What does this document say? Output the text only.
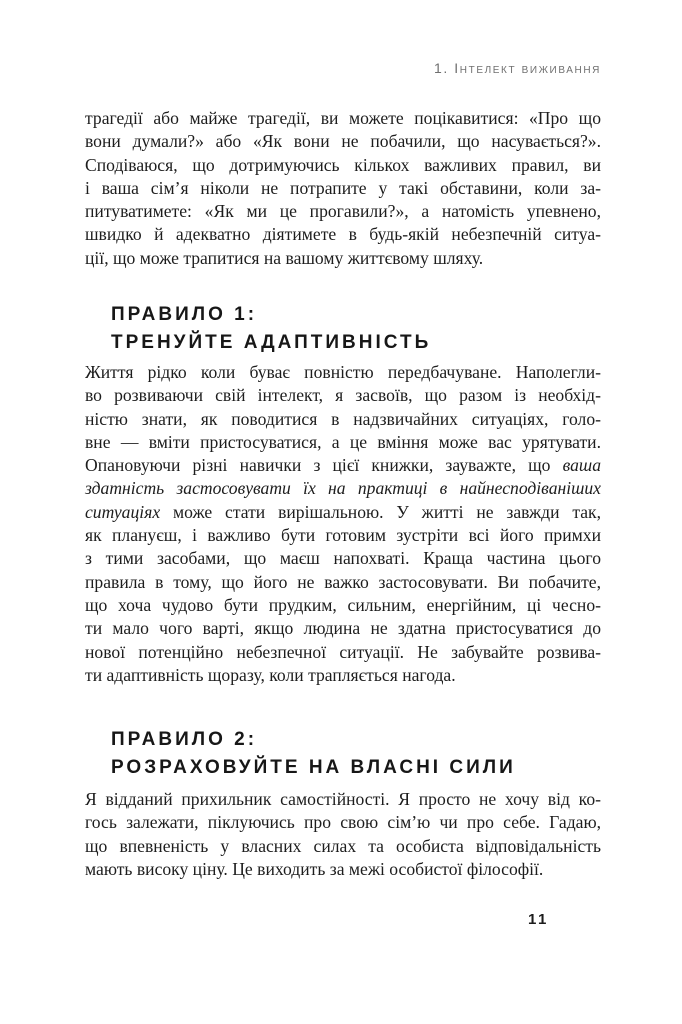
1. Інтелект виживання
трагедії або майже трагедії, ви можете поцікавитися: «Про що
вони думали?» або «Як вони не побачили, що насувається?».
Сподіваюся, що дотримуючись кількох важливих правил, ви
і ваша сім’я ніколи не потрапите у такі обставини, коли за-
питуватимете: «Як ми це прогавили?», а натомість упевнено,
швидко й адекватно діятимете в будь-якій небезпечній ситуа-
ції, що може трапитися на вашому життєвому шляху.
ПРАВИЛО 1:
ТРЕНУЙТЕ АДАПТИВНІСТЬ
Життя рідко коли буває повністю передбачуване. Наполегли-
во розвиваючи свій інтелект, я засвоїв, що разом із необхід-
ністю знати, як поводитися в надзвичайних ситуаціях, голо-
вне — вміти пристосуватися, а це вміння може вас урятувати.
Опановуючи різні навички з цієї книжки, зауважте, що ваша
здатність застосовувати їх на практиці в найнесподіваніших
ситуаціях може стати вирішальною. У житті не завжди так,
як плануєш, і важливо бути готовим зустріти всі його примхи
з тими засобами, що маєш напохваті. Краща частина цього
правила в тому, що його не важко застосовувати. Ви побачите,
що хоча чудово бути прудким, сильним, енергійним, ці чесно-
ти мало чого варті, якщо людина не здатна пристосуватися до
нової потенційно небезпечної ситуації. Не забувайте розвива-
ти адаптивність щоразу, коли трапляється нагода.
ПРАВИЛО 2:
РОЗРАХОВУЙТЕ НА ВЛАСНІ СИЛИ
Я відданий прихильник самостійності. Я просто не хочу від ко-
гось залежати, піклуючись про свою сім’ю чи про себе. Гадаю,
що впевненість у власних силах та особиста відповідальність
мають високу ціну. Це виходить за межі особистої філософії.
11
